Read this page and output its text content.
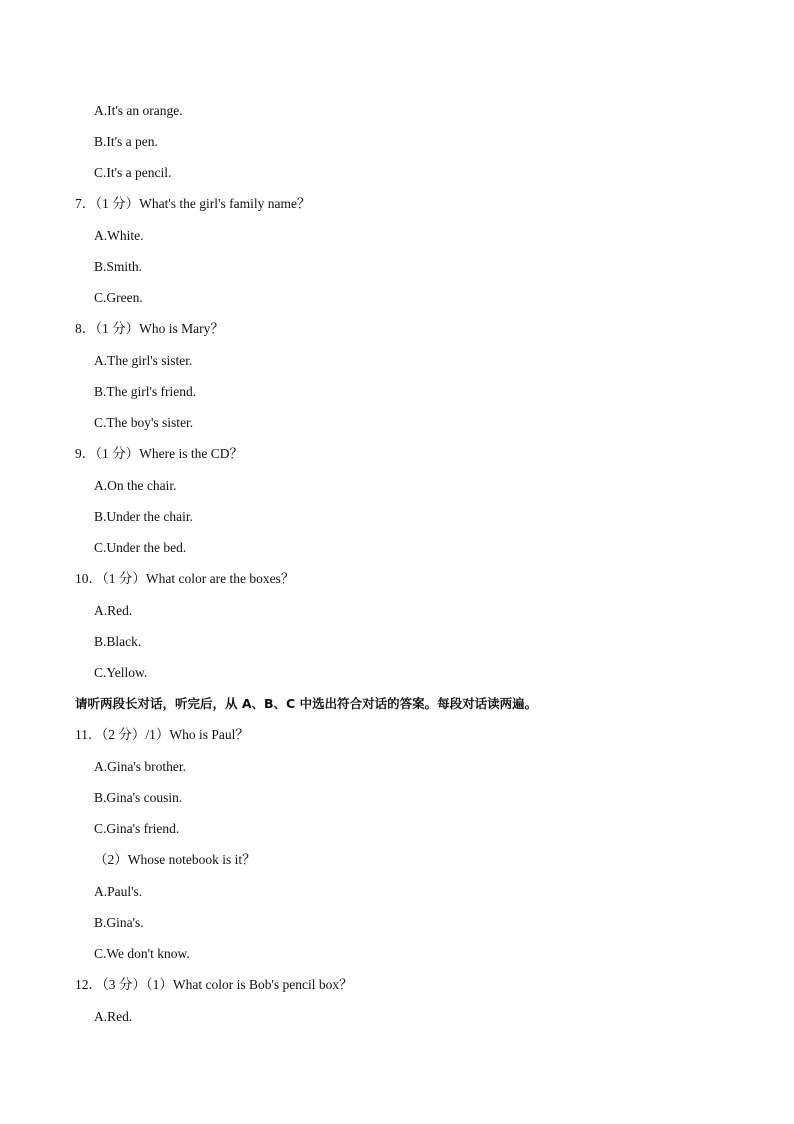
A.It's an orange.
B.It's a pen.
C.It's a pencil.
7．（1 分）What's the girl's family name？
A.White.
B.Smith.
C.Green.
8．（1 分）Who is Mary？
A.The girl's sister.
B.The girl's friend.
C.The boy's sister.
9．（1 分）Where is the CD？
A.On the chair.
B.Under the chair.
C.Under the bed.
10．（1 分）What color are the boxes？
A.Red.
B.Black.
C.Yellow.
请听两段长对话，听完后，从 A、B、C 中选出符合对话的答案。每段对话读两遍。
11．（2 分）/1）Who is Paul？
A.Gina's brother.
B.Gina's cousin.
C.Gina's friend.
（2）Whose notebook is it？
A.Paul's.
B.Gina's.
C.We don't know.
12．（3 分）（1）What color is Bob's pencil box？
A.Red.
